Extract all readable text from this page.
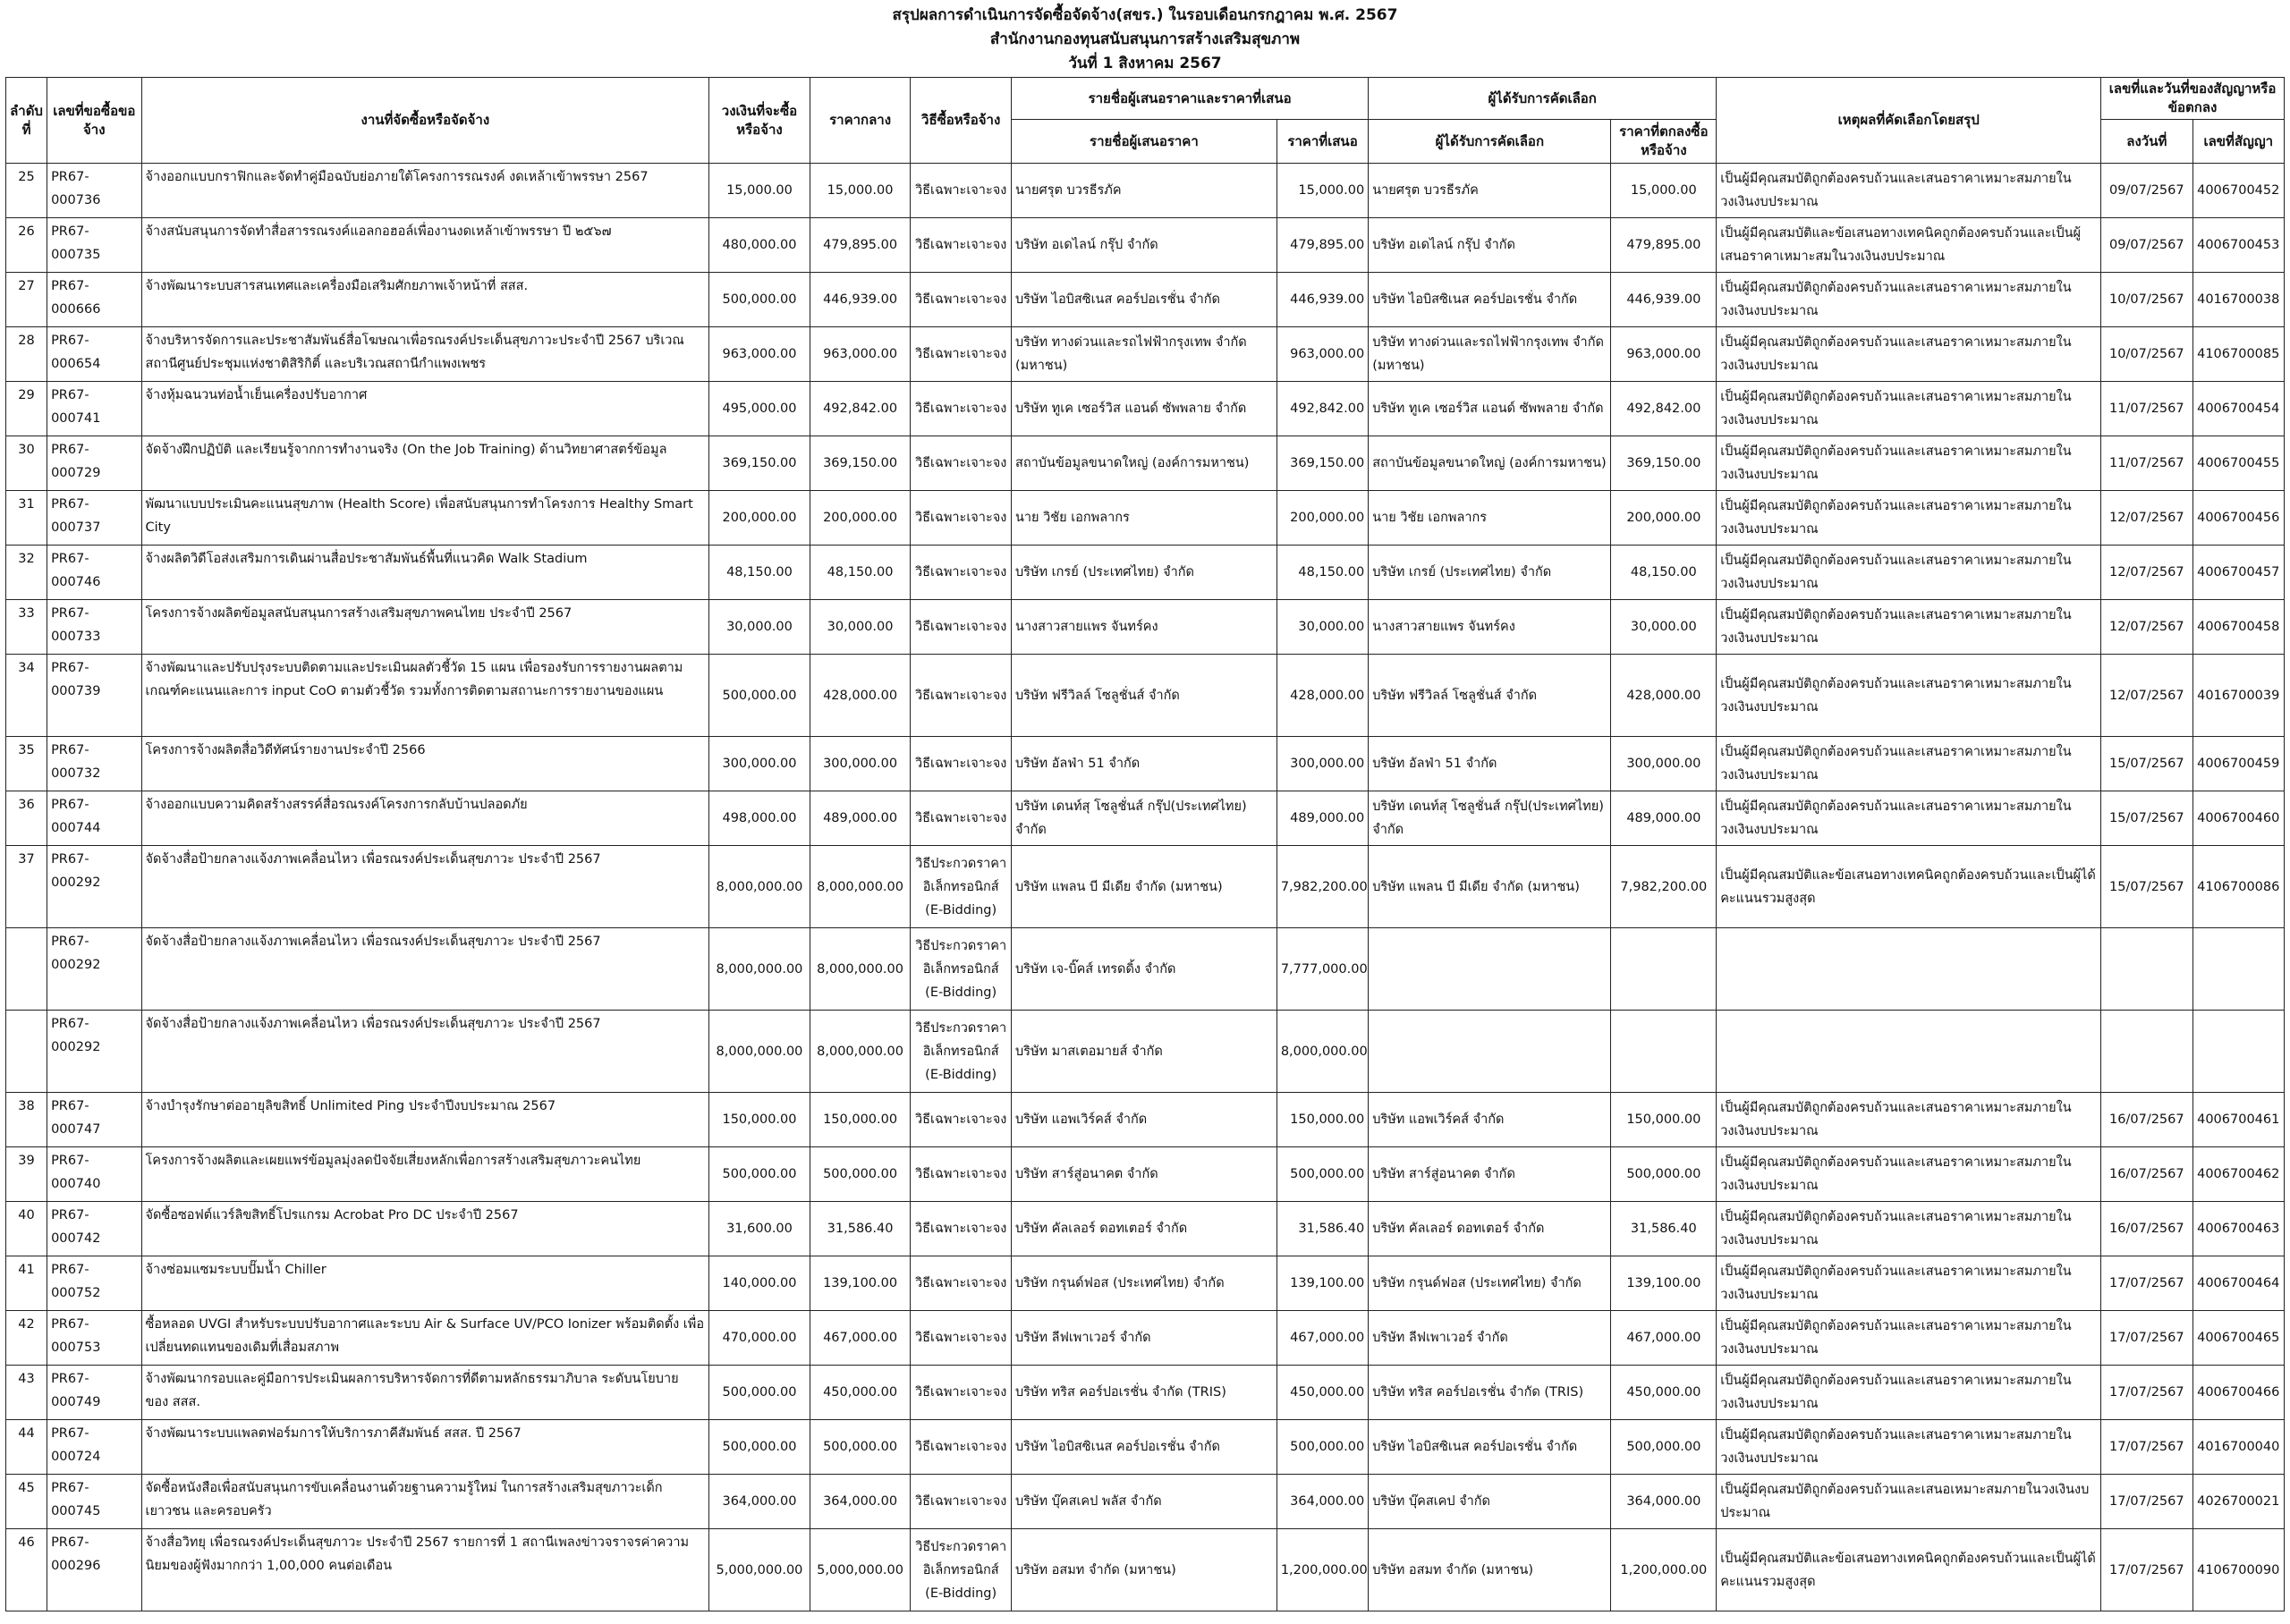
สรุปผลการดำเนินการจัดซื้อจัดจ้าง(สขร.) ในรอบเดือนกรกฎาคม พ.ศ. 2567
สำนักงานกองทุนสนับสนุนการสร้างเสริมสุขภาพ
วันที่ 1 สิงหาคม 2567
ลำดับที่	เลขที่ขอซื้อขอจ้าง	งานที่จัดซื้อหรือจัดจ้าง	วงเงินที่จะซื้อหรือจ้าง	ราคากลาง	วิธีซื้อหรือจ้าง	รายชื่อผู้เสนอราคาและราคาที่เสนอ		ผู้ได้รับการคัดเลือก		เหตุผลที่คัดเลือกโดยสรุป	เลขที่และวันที่ของสัญญาหรือข้อตกลง	
						รายชื่อผู้เสนอราคา	ราคาที่เสนอ	ผู้ได้รับการคัดเลือก	ราคาที่ตกลงซื้อหรือจ้าง		ลงวันที่	เลขที่สัญญา
25	PR67-000736	จ้างออกแบบกราฟิกและจัดทำคู่มือฉบับย่อภายใต้โครงการรณรงค์ งดเหล้าเข้าพรรษา 2567	15,000.00	15,000.00	วิธีเฉพาะเจาะจง	นายศรุต บวรธีรภัค	15,000.00	นายศรุต บวรธีรภัค	15,000.00	เป็นผู้มีคุณสมบัติถูกต้องครบถ้วนและเสนอราคาเหมาะสมภายในวงเงินงบประมาณ	09/07/2567	4006700452
26	PR67-000735	จ้างสนับสนุนการจัดทำสื่อสารรณรงค์แอลกอฮอล์เพื่องานงดเหล้าเข้าพรรษา ปี ๒๕๖๗	480,000.00	479,895.00	วิธีเฉพาะเจาะจง	บริษัท อเดไลน์ กรุ๊ป จำกัด	479,895.00	บริษัท อเดไลน์ กรุ๊ป จำกัด	479,895.00	เป็นผู้มีคุณสมบัติและข้อเสนอทางเทคนิคถูกต้องครบถ้วนและเป็นผู้เสนอราคาเหมาะสมในวงเงินงบประมาณ	09/07/2567	4006700453
27	PR67-000666	จ้างพัฒนาระบบสารสนเทศและเครื่องมือเสริมศักยภาพเจ้าหน้าที่ สสส.	500,000.00	446,939.00	วิธีเฉพาะเจาะจง	บริษัท ไอบิสซิเนส คอร์ปอเรชั่น จำกัด	446,939.00	บริษัท ไอบิสซิเนส คอร์ปอเรชั่น จำกัด	446,939.00	เป็นผู้มีคุณสมบัติถูกต้องครบถ้วนและเสนอราคาเหมาะสมภายในวงเงินงบประมาณ	10/07/2567	4016700038
28	PR67-000654	จ้างบริหารจัดการและประชาสัมพันธ์สื่อโฆษณาเพื่อรณรงค์ประเด็นสุขภาวะประจำปี 2567 บริเวณสถานีศูนย์ประชุมแห่งชาติสิริกิติ์ และบริเวณสถานีกำแพงเพชร	963,000.00	963,000.00	วิธีเฉพาะเจาะจง	บริษัท ทางด่วนและรถไฟฟ้ากรุงเทพ จำกัด (มหาชน)	963,000.00	บริษัท ทางด่วนและรถไฟฟ้ากรุงเทพ จำกัด (มหาชน)	963,000.00	เป็นผู้มีคุณสมบัติถูกต้องครบถ้วนและเสนอราคาเหมาะสมภายในวงเงินงบประมาณ	10/07/2567	4106700085
29	PR67-000741	จ้างหุ้มฉนวนท่อน้ำเย็นเครื่องปรับอากาศ	495,000.00	492,842.00	วิธีเฉพาะเจาะจง	บริษัท ทูเค เซอร์วิส แอนด์ ซัพพลาย จำกัด	492,842.00	บริษัท ทูเค เซอร์วิส แอนด์ ซัพพลาย จำกัด	492,842.00	เป็นผู้มีคุณสมบัติถูกต้องครบถ้วนและเสนอราคาเหมาะสมภายในวงเงินงบประมาณ	11/07/2567	4006700454
30	PR67-000729	จัดจ้างฝึกปฏิบัติ และเรียนรู้จากการทำงานจริง (On the Job Training) ด้านวิทยาศาสตร์ข้อมูล	369,150.00	369,150.00	วิธีเฉพาะเจาะจง	สถาบันข้อมูลขนาดใหญ่ (องค์การมหาชน)	369,150.00	สถาบันข้อมูลขนาดใหญ่ (องค์การมหาชน)	369,150.00	เป็นผู้มีคุณสมบัติถูกต้องครบถ้วนและเสนอราคาเหมาะสมภายในวงเงินงบประมาณ	11/07/2567	4006700455
31	PR67-000737	พัฒนาแบบประเมินคะแนนสุขภาพ (Health Score) เพื่อสนับสนุนการทำโครงการ Healthy Smart City	200,000.00	200,000.00	วิธีเฉพาะเจาะจง	นาย วิชัย เอกพลากร	200,000.00	นาย วิชัย เอกพลากร	200,000.00	เป็นผู้มีคุณสมบัติถูกต้องครบถ้วนและเสนอราคาเหมาะสมภายในวงเงินงบประมาณ	12/07/2567	4006700456
32	PR67-000746	จ้างผลิตวิดีโอส่งเสริมการเดินผ่านสื่อประชาสัมพันธ์พื้นที่แนวคิด Walk Stadium	48,150.00	48,150.00	วิธีเฉพาะเจาะจง	บริษัท เกรย์ (ประเทศไทย) จำกัด	48,150.00	บริษัท เกรย์ (ประเทศไทย) จำกัด	48,150.00	เป็นผู้มีคุณสมบัติถูกต้องครบถ้วนและเสนอราคาเหมาะสมภายในวงเงินงบประมาณ	12/07/2567	4006700457
33	PR67-000733	โครงการจ้างผลิตข้อมูลสนับสนุนการสร้างเสริมสุขภาพคนไทย ประจำปี 2567	30,000.00	30,000.00	วิธีเฉพาะเจาะจง	นางสาวสายแพร จันทร์คง	30,000.00	นางสาวสายแพร จันทร์คง	30,000.00	เป็นผู้มีคุณสมบัติถูกต้องครบถ้วนและเสนอราคาเหมาะสมภายในวงเงินงบประมาณ	12/07/2567	4006700458
34	PR67-000739	จ้างพัฒนาและปรับปรุงระบบติดตามและประเมินผลตัวชี้วัด 15 แผน เพื่อรองรับการรายงานผลตามเกณฑ์คะแนนและการ input CoO ตามตัวชี้วัด รวมทั้งการติดตามสถานะการรายงานของแผน	500,000.00	428,000.00	วิธีเฉพาะเจาะจง	บริษัท ฟรีวิลล์ โซลูชั่นส์ จำกัด	428,000.00	บริษัท ฟรีวิลล์ โซลูชั่นส์ จำกัด	428,000.00	เป็นผู้มีคุณสมบัติถูกต้องครบถ้วนและเสนอราคาเหมาะสมภายในวงเงินงบประมาณ	12/07/2567	4016700039
35	PR67-000732	โครงการจ้างผลิตสื่อวิดีทัศน์รายงานประจำปี 2566	300,000.00	300,000.00	วิธีเฉพาะเจาะจง	บริษัท อัลฟ่า 51 จำกัด	300,000.00	บริษัท อัลฟ่า 51 จำกัด	300,000.00	เป็นผู้มีคุณสมบัติถูกต้องครบถ้วนและเสนอราคาเหมาะสมภายในวงเงินงบประมาณ	15/07/2567	4006700459
36	PR67-000744	จ้างออกแบบความคิดสร้างสรรค์สื่อรณรงค์โครงการกลับบ้านปลอดภัย	498,000.00	489,000.00	วิธีเฉพาะเจาะจง	บริษัท เดนท์สุ โซลูชั่นส์ กรุ๊ป(ประเทศไทย) จำกัด	489,000.00	บริษัท เดนท์สุ โซลูชั่นส์ กรุ๊ป(ประเทศไทย) จำกัด	489,000.00	เป็นผู้มีคุณสมบัติถูกต้องครบถ้วนและเสนอราคาเหมาะสมภายในวงเงินงบประมาณ	15/07/2567	4006700460
37	PR67-000292	จัดจ้างสื่อป้ายกลางแจ้งภาพเคลื่อนไหว เพื่อรณรงค์ประเด็นสุขภาวะ ประจำปี 2567	8,000,000.00	8,000,000.00	วิธีประกวดราคาอิเล็กทรอนิกส์ (E-Bidding)	บริษัท แพลน บี มีเดีย จำกัด (มหาชน)	7,982,200.00	บริษัท แพลน บี มีเดีย จำกัด (มหาชน)	7,982,200.00	เป็นผู้มีคุณสมบัติและข้อเสนอทางเทคนิคถูกต้องครบถ้วนและเป็นผู้ได้คะแนนรวมสูงสุด	15/07/2567	4106700086
	PR67-000292	จัดจ้างสื่อป้ายกลางแจ้งภาพเคลื่อนไหว เพื่อรณรงค์ประเด็นสุขภาวะ ประจำปี 2567	8,000,000.00	8,000,000.00	วิธีประกวดราคาอิเล็กทรอนิกส์ (E-Bidding)	บริษัท เจ-บิ๊คส์ เทรดดิ้ง จำกัด	7,777,000.00					
	PR67-000292	จัดจ้างสื่อป้ายกลางแจ้งภาพเคลื่อนไหว เพื่อรณรงค์ประเด็นสุขภาวะ ประจำปี 2567	8,000,000.00	8,000,000.00	วิธีประกวดราคาอิเล็กทรอนิกส์ (E-Bidding)	บริษัท มาสเตอมายส์ จำกัด	8,000,000.00					
38	PR67-000747	จ้างบำรุงรักษาต่ออายุลิขสิทธิ์ Unlimited Ping ประจำปีงบประมาณ 2567	150,000.00	150,000.00	วิธีเฉพาะเจาะจง	บริษัท แอพเวิร์คส์ จำกัด	150,000.00	บริษัท แอพเวิร์คส์ จำกัด	150,000.00	เป็นผู้มีคุณสมบัติถูกต้องครบถ้วนและเสนอราคาเหมาะสมภายในวงเงินงบประมาณ	16/07/2567	4006700461
39	PR67-000740	โครงการจ้างผลิตและเผยแพร่ข้อมูลมุ่งลดปัจจัยเสี่ยงหลักเพื่อการสร้างเสริมสุขภาวะคนไทย	500,000.00	500,000.00	วิธีเฉพาะเจาะจง	บริษัท สาร์สู่อนาคต จำกัด	500,000.00	บริษัท สาร์สู่อนาคต จำกัด	500,000.00	เป็นผู้มีคุณสมบัติถูกต้องครบถ้วนและเสนอราคาเหมาะสมภายในวงเงินงบประมาณ	16/07/2567	4006700462
40	PR67-000742	จัดซื้อซอฟต์แวร์ลิขสิทธิ์โปรแกรม Acrobat Pro DC ประจำปี 2567	31,600.00	31,586.40	วิธีเฉพาะเจาะจง	บริษัท คัลเลอร์ ดอทเตอร์ จำกัด	31,586.40	บริษัท คัลเลอร์ ดอทเตอร์ จำกัด	31,586.40	เป็นผู้มีคุณสมบัติถูกต้องครบถ้วนและเสนอราคาเหมาะสมภายในวงเงินงบประมาณ	16/07/2567	4006700463
41	PR67-000752	จ้างซ่อมแซมระบบปั๊มน้ำ Chiller	140,000.00	139,100.00	วิธีเฉพาะเจาะจง	บริษัท กรุนด์ฟอส (ประเทศไทย) จำกัด	139,100.00	บริษัท กรุนด์ฟอส (ประเทศไทย) จำกัด	139,100.00	เป็นผู้มีคุณสมบัติถูกต้องครบถ้วนและเสนอราคาเหมาะสมภายในวงเงินงบประมาณ	17/07/2567	4006700464
42	PR67-000753	ซื้อหลอด UVGI สำหรับระบบปรับอากาศและระบบ Air & Surface UV/PCO Ionizer พร้อมติดตั้ง เพื่อเปลี่ยนทดแทนของเดิมที่เสื่อมสภาพ	470,000.00	467,000.00	วิธีเฉพาะเจาะจง	บริษัท ลีฟเพาเวอร์ จำกัด	467,000.00	บริษัท ลีฟเพาเวอร์ จำกัด	467,000.00	เป็นผู้มีคุณสมบัติถูกต้องครบถ้วนและเสนอราคาเหมาะสมภายในวงเงินงบประมาณ	17/07/2567	4006700465
43	PR67-000749	จ้างพัฒนากรอบและคู่มือการประเมินผลการบริหารจัดการที่ดีตามหลักธรรมาภิบาล ระดับนโยบาย ของ สสส.	500,000.00	450,000.00	วิธีเฉพาะเจาะจง	บริษัท ทริส คอร์ปอเรชั่น จำกัด (TRIS)	450,000.00	บริษัท ทริส คอร์ปอเรชั่น จำกัด (TRIS)	450,000.00	เป็นผู้มีคุณสมบัติถูกต้องครบถ้วนและเสนอราคาเหมาะสมภายในวงเงินงบประมาณ	17/07/2567	4006700466
44	PR67-000724	จ้างพัฒนาระบบแพลตฟอร์มการให้บริการภาคีสัมพันธ์ สสส. ปี 2567	500,000.00	500,000.00	วิธีเฉพาะเจาะจง	บริษัท ไอบิสซิเนส คอร์ปอเรชั่น จำกัด	500,000.00	บริษัท ไอบิสซิเนส คอร์ปอเรชั่น จำกัด	500,000.00	เป็นผู้มีคุณสมบัติถูกต้องครบถ้วนและเสนอราคาเหมาะสมภายในวงเงินงบประมาณ	17/07/2567	4016700040
45	PR67-000745	จัดซื้อหนังสือเพื่อสนับสนุนการขับเคลื่อนงานด้วยฐานความรู้ใหม่ ในการสร้างเสริมสุขภาวะเด็ก เยาวชน และครอบครัว	364,000.00	364,000.00	วิธีเฉพาะเจาะจง	บริษัท บุ๊คสเคป พลัส จำกัด	364,000.00	บริษัท บุ๊คสเคป จำกัด	364,000.00	เป็นผู้มีคุณสมบัติถูกต้องครบถ้วนและเสนอเหมาะสมภายในวงเงินงบประมาณ	17/07/2567	4026700021
46	PR67-000296	จ้างสื่อวิทยุ เพื่อรณรงค์ประเด็นสุขภาวะ ประจำปี 2567 รายการที่ 1 สถานีเพลงข่าวจราจรค่าความนิยมของผู้ฟังมากกว่า 1,00,000 คนต่อเดือน	5,000,000.00	5,000,000.00	วิธีประกวดราคาอิเล็กทรอนิกส์ (E-Bidding)	บริษัท อสมท จำกัด (มหาชน)	1,200,000.00	บริษัท อสมท จำกัด (มหาชน)	1,200,000.00	เป็นผู้มีคุณสมบัติและข้อเสนอทางเทคนิคถูกต้องครบถ้วนและเป็นผู้ได้คะแนนรวมสูงสุด	17/07/2567	4106700090
